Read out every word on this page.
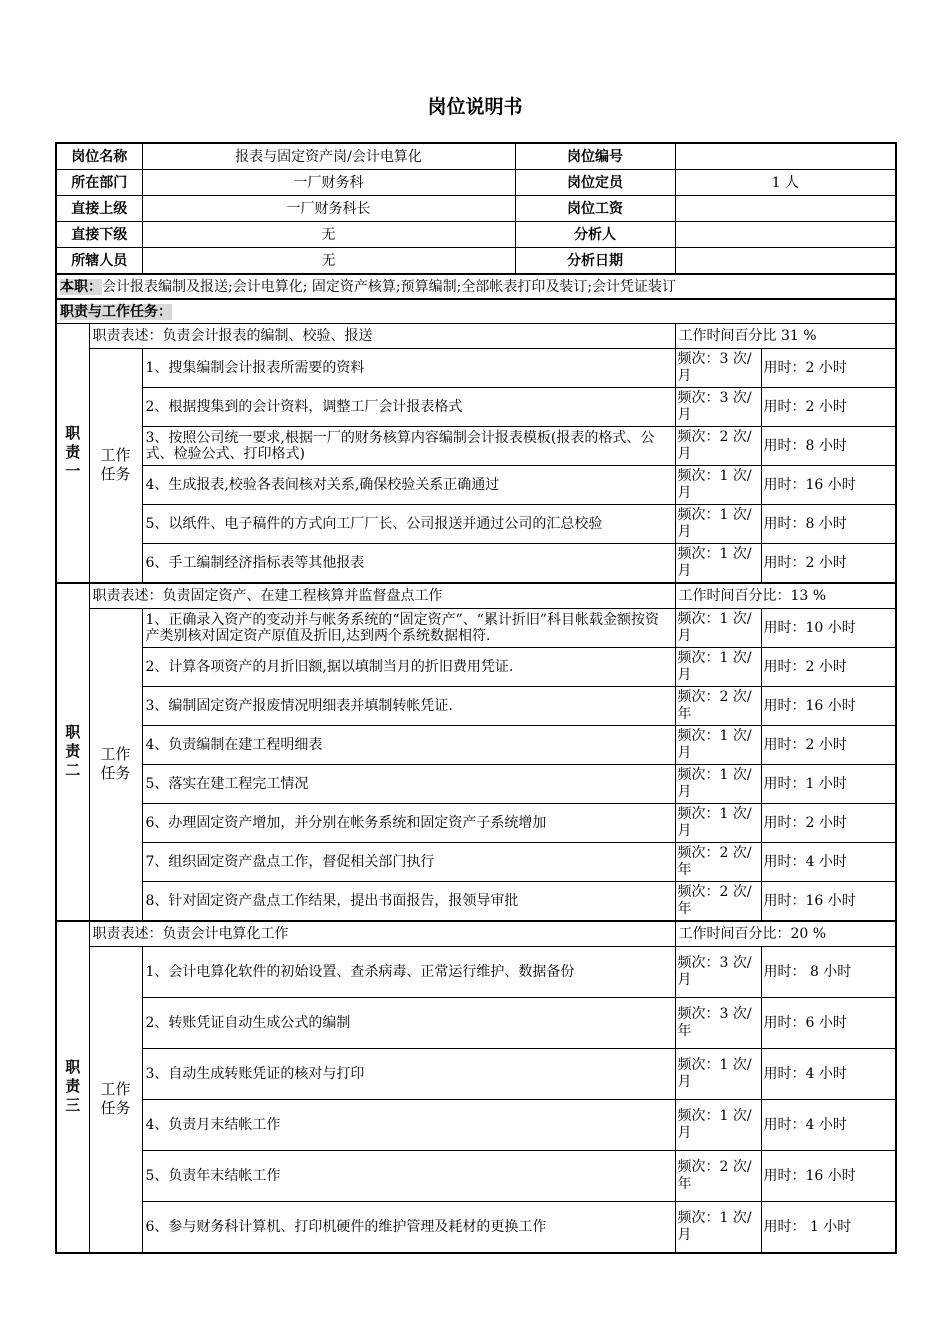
岗位说明书
岗位名称		报表与固定资产岗/会计电算化	岗位编号		
所在部门		一厂财务科	岗位定员	1 人	
直接上级		一厂财务科长	岗位工资		
直接下级		无	分析人		
所辖人员		无	分析日期		
本职：会计报表编制及报送;会计电算化; 固定资产核算;预算编制;全部帐表打印及装订;会计凭证装订					
职责与工作任务：					

职
责
一	职责表述：负责会计报表的编制、校验、报送			工作时间百分比 31 %	

	工作
任务	1、搜集编制会计报表所需要的资料		频次：3 次/ 月	用时：2 小时
		2、根据搜集到的会计资料，调整工厂会计报表格式		频次：3 次/ 月	用时：2 小时
		3、按照公司统一要求,根据一厂的财务核算内容编制会计报表模板(报表的格式、公式、检验公式、打印格式)		频次：2 次/月	用时：8 小时
		4、生成报表,校验各表间核对关系,确保校验关系正确通过		频次：1 次/ 月	用时：16 小时
		5、以纸件、电子稿件的方式向工厂厂长、公司报送并通过公司的汇总校验		频次：1 次/ 月	用时：8 小时
		6、手工编制经济指标表等其他报表		频次：1 次/ 月	用时：2 小时

职
责
二	职责表述：负责固定资产、在建工程核算并监督盘点工作			工作时间百分比：13 %	

	工作
任务	1、正确录入资产的变动并与帐务系统的“固定资产”、“累计折旧”科目帐载金额按资产类别核对固定资产原值及折旧,达到两个系统数据相符.		频次：1 次/月	用时：10 小时
		2、计算各项资产的月折旧额,据以填制当月的折旧费用凭证.		频次：1 次/ 月	用时：2 小时
		3、编制固定资产报废情况明细表并填制转帐凭证.		频次：2 次/ 年	用时：16 小时
		4、负责编制在建工程明细表		频次：1 次/ 月	用时：2 小时
		5、落实在建工程完工情况		频次：1 次/ 月	用时：1 小时
		6、办理固定资产增加，并分别在帐务系统和固定资产子系统增加		频次：1 次/ 月	用时：2 小时
		7、组织固定资产盘点工作，督促相关部门执行		频次：2 次/ 年	用时：4 小时
		8、针对固定资产盘点工作结果，提出书面报告，报领导审批		频次：2 次/ 年	用时：16 小时

职
责
三	职责表述：负责会计电算化工作			工作时间百分比：20 %	

	工作
任务	1、会计电算化软件的初始设置、查杀病毒、正常运行维护、数据备份		频次：3 次/月	用时： 8 小时
		2、转账凭证自动生成公式的编制		频次：3 次/年	用时：6 小时
		3、自动生成转账凭证的核对与打印		频次：1 次/ 月	用时：4 小时
		4、负责月末结帐工作		频次：1 次/ 月	用时：4 小时
		5、负责年末结帐工作		频次：2 次/ 年	用时：16 小时
		6、参与财务科计算机、打印机硬件的维护管理及耗材的更换工作		频次：1 次/ 月	用时： 1 小时
